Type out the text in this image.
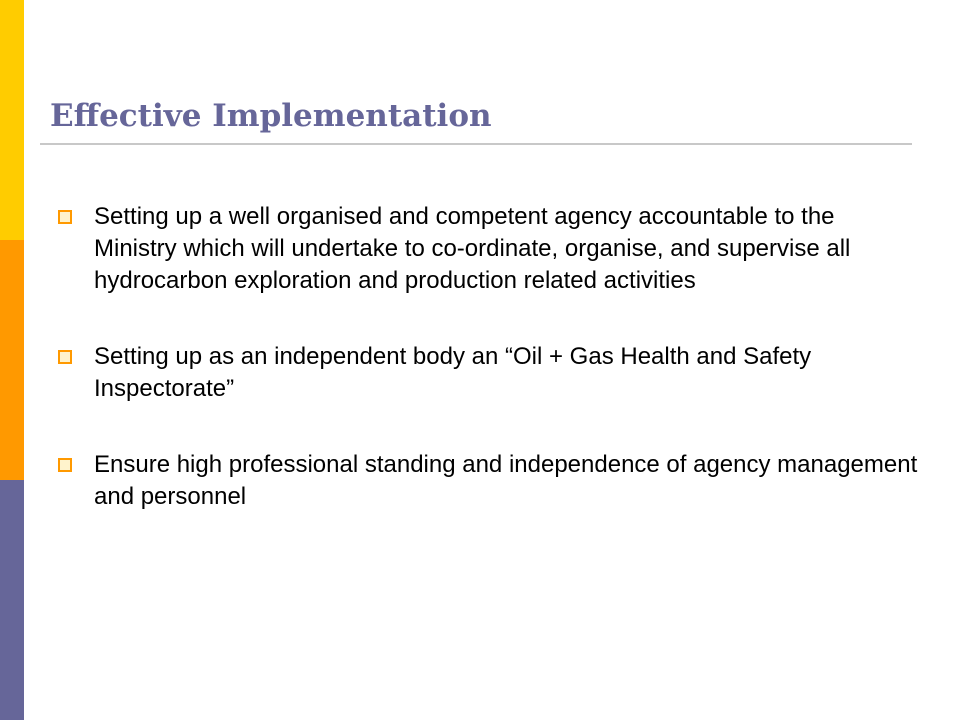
Effective Implementation
Setting up a well organised and competent agency accountable to the Ministry which will undertake to co-ordinate, organise, and supervise all hydrocarbon exploration and production related activities
Setting up as an independent body an “Oil + Gas Health and Safety Inspectorate”
Ensure high professional standing and independence of agency management and personnel
